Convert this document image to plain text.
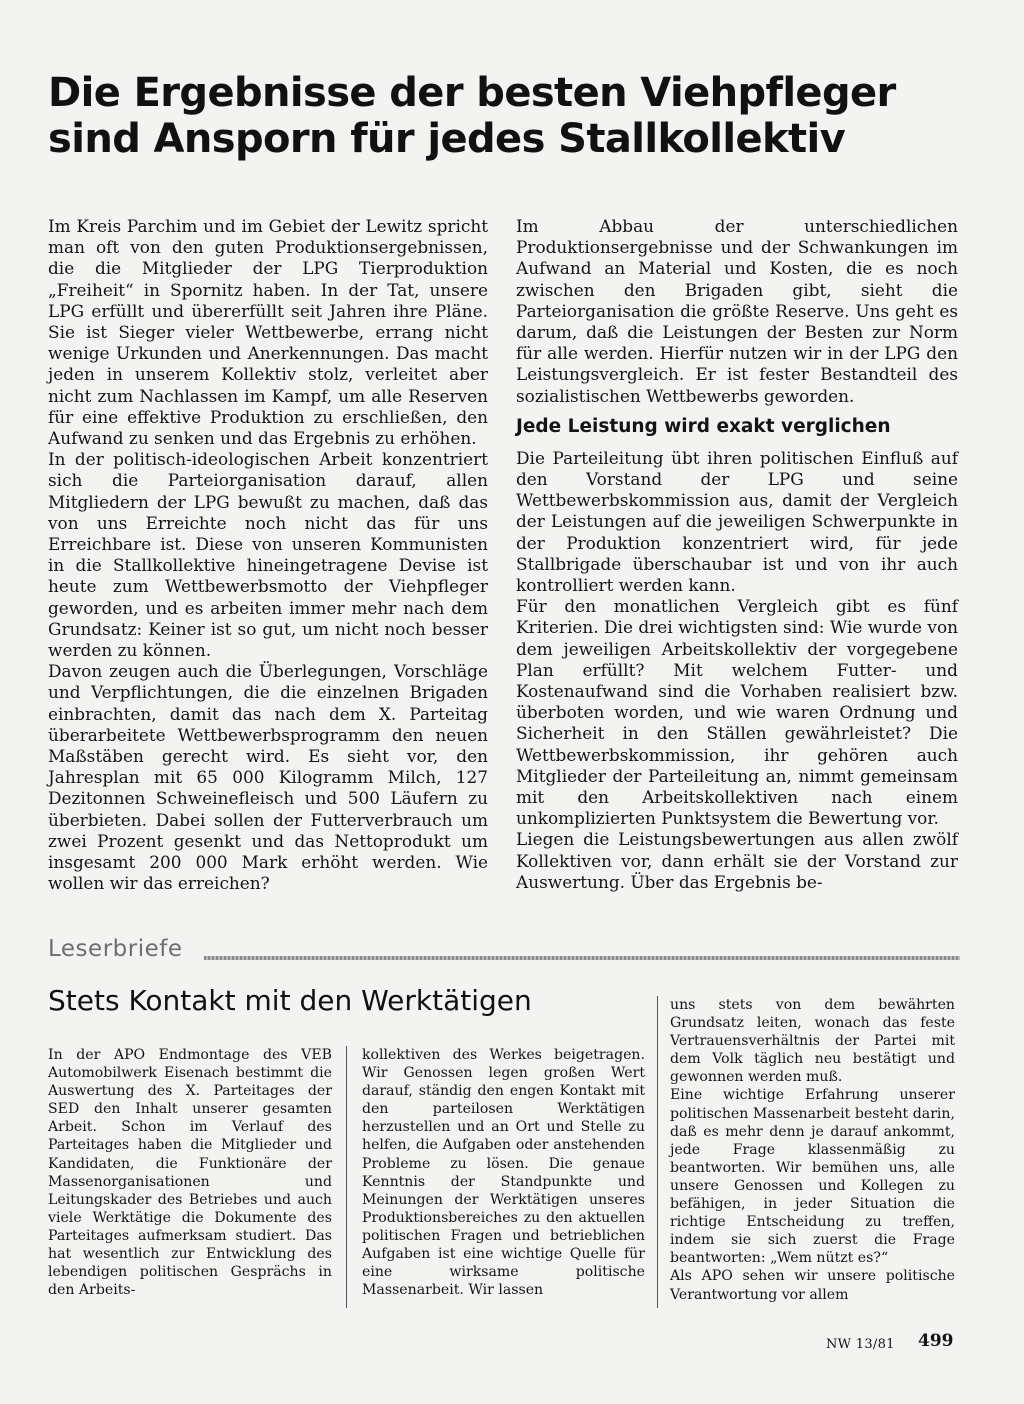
Die Ergebnisse der besten Viehpfleger
sind Ansporn für jedes Stallkollektiv

Im Kreis Parchim und im Gebiet der Lewitz spricht man oft von den guten Produktionsergebnissen, die die Mitglieder der LPG Tierproduktion „Freiheit“ in Spornitz haben. In der Tat, unsere LPG erfüllt und übererfüllt seit Jahren ihre Pläne. Sie ist Sieger vieler Wettbewerbe, errang nicht wenige Urkunden und Anerkennungen. Das macht jeden in unserem Kollektiv stolz, verleitet aber nicht zum Nachlassen im Kampf, um alle Reserven für eine effektive Produktion zu erschließen, den Aufwand zu senken und das Ergebnis zu erhöhen.

In der politisch-ideologischen Arbeit konzentriert sich die Parteiorganisation darauf, allen Mitgliedern der LPG bewußt zu machen, daß das von uns Erreichte noch nicht das für uns Erreichbare ist. Diese von unseren Kommunisten in die Stallkollektive hineingetragene Devise ist heute zum Wettbewerbsmotto der Viehpfleger geworden, und es arbeiten immer mehr nach dem Grundsatz: Keiner ist so gut, um nicht noch besser werden zu können.

Davon zeugen auch die Überlegungen, Vorschläge und Verpflichtungen, die die einzelnen Brigaden einbrachten, damit das nach dem X. Parteitag überarbeitete Wettbewerbsprogramm den neuen Maßstäben gerecht wird. Es sieht vor, den Jahresplan mit 65 000 Kilogramm Milch, 127 Dezitonnen Schweinefleisch und 500 Läufern zu überbieten. Dabei sollen der Futterverbrauch um zwei Prozent gesenkt und das Nettoprodukt um insgesamt 200 000 Mark erhöht werden. Wie wollen wir das erreichen?

Im Abbau der unterschiedlichen Produktionsergebnisse und der Schwankungen im Aufwand an Material und Kosten, die es noch zwischen den Brigaden gibt, sieht die Parteiorganisation die größte Reserve. Uns geht es darum, daß die Leistungen der Besten zur Norm für alle werden. Hierfür nutzen wir in der LPG den Leistungsvergleich. Er ist fester Bestandteil des sozialistischen Wettbewerbs geworden.

Jede Leistung wird exakt verglichen

Die Parteileitung übt ihren politischen Einfluß auf den Vorstand der LPG und seine Wettbewerbskommission aus, damit der Vergleich der Leistungen auf die jeweiligen Schwerpunkte in der Produktion konzentriert wird, für jede Stallbrigade überschaubar ist und von ihr auch kontrolliert werden kann.

Für den monatlichen Vergleich gibt es fünf Kriterien. Die drei wichtigsten sind: Wie wurde von dem jeweiligen Arbeitskollektiv der vorgegebene Plan erfüllt? Mit welchem Futter- und Kostenaufwand sind die Vorhaben realisiert bzw. überboten worden, und wie waren Ordnung und Sicherheit in den Ställen gewährleistet? Die Wettbewerbskommission, ihr gehören auch Mitglieder der Parteileitung an, nimmt gemeinsam mit den Arbeitskollektiven nach einem unkomplizierten Punktsystem die Bewertung vor.

Liegen die Leistungsbewertungen aus allen zwölf Kollektiven vor, dann erhält sie der Vorstand zur Auswertung. Über das Ergebnis be-

Leserbriefe
Stets Kontakt mit den Werktätigen

In der APO Endmontage des VEB Automobilwerk Eisenach bestimmt die Auswertung des X. Parteitages der SED den Inhalt unserer gesamten Arbeit. Schon im Verlauf des Parteitages haben die Mitglieder und Kandidaten, die Funktionäre der Massenorganisationen und Leitungskader des Betriebes und auch viele Werktätige die Dokumente des Parteitages aufmerksam studiert. Das hat wesentlich zur Entwicklung des lebendigen politischen Gesprächs in den Arbeits-

kollektiven des Werkes beigetragen. Wir Genossen legen großen Wert darauf, ständig den engen Kontakt mit den parteilosen Werktätigen herzustellen und an Ort und Stelle zu helfen, die Aufgaben oder anstehenden Probleme zu lösen. Die genaue Kenntnis der Standpunkte und Meinungen der Werktätigen unseres Produktionsbereiches zu den aktuellen politischen Fragen und betrieblichen Aufgaben ist eine wichtige Quelle für eine wirksame politische Massenarbeit. Wir lassen

uns stets von dem bewährten Grundsatz leiten, wonach das feste Vertrauensverhältnis der Partei mit dem Volk täglich neu bestätigt und gewonnen werden muß.

Eine wichtige Erfahrung unserer politischen Massenarbeit besteht darin, daß es mehr denn je darauf ankommt, jede Frage klassenmäßig zu beantworten. Wir bemühen uns, alle unsere Genossen und Kollegen zu befähigen, in jeder Situation die richtige Entscheidung zu treffen, indem sie sich zuerst die Frage beantworten: „Wem nützt es?“

Als APO sehen wir unsere politische Verantwortung vor allem

NW 13/81 499
